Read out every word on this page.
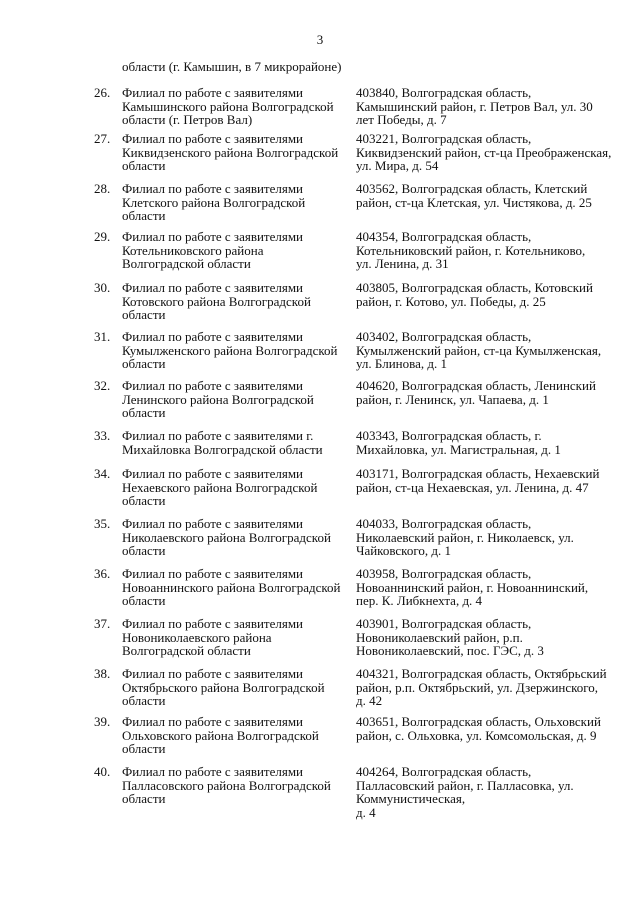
3
области (г. Камышин, в 7 микрорайоне)
26. Филиал по работе с заявителями
Камышинского района Волгоградской
области (г. Петров Вал)
403840, Волгоградская область,
Камышинский район, г. Петров Вал, ул. 30
лет Победы, д. 7
27. Филиал по работе с заявителями
Киквидзенского района Волгоградской
области
403221, Волгоградская область,
Киквидзенский район, ст-ца Преображенская,
ул. Мира, д. 54
28. Филиал по работе с заявителями
Клетского района Волгоградской
области
403562, Волгоградская область, Клетский
район, ст-ца Клетская, ул. Чистякова, д. 25
29. Филиал по работе с заявителями
Котельниковского района
Волгоградской области
404354, Волгоградская область,
Котельниковский район, г. Котельниково,
ул. Ленина, д. 31
30. Филиал по работе с заявителями
Котовского района Волгоградской
области
403805, Волгоградская область, Котовский
район, г. Котово, ул. Победы, д. 25
31. Филиал по работе с заявителями
Кумылженского района Волгоградской
области
403402, Волгоградская область,
Кумылженский район, ст-ца Кумылженская,
ул. Блинова, д. 1
32. Филиал по работе с заявителями
Ленинского района Волгоградской
области
404620, Волгоградская область, Ленинский
район, г. Ленинск, ул. Чапаева, д. 1
33. Филиал по работе с заявителями г.
Михайловка Волгоградской области
403343, Волгоградская область, г.
Михайловка, ул. Магистральная, д. 1
34. Филиал по работе с заявителями
Нехаевского района Волгоградской
области
403171, Волгоградская область, Нехаевский
район, ст-ца Нехаевская, ул. Ленина, д. 47
35. Филиал по работе с заявителями
Николаевского района Волгоградской
области
404033, Волгоградская область,
Николаевский район, г. Николаевск, ул.
Чайковского, д. 1
36. Филиал по работе с заявителями
Новоаннинского района Волгоградской
области
403958, Волгоградская область,
Новоаннинский район, г. Новоаннинский,
пер. К. Либкнехта, д. 4
37. Филиал по работе с заявителями
Новониколаевского района
Волгоградской области
403901, Волгоградская область,
Новониколаевский район, р.п.
Новониколаевский, пос. ГЭС, д. 3
38. Филиал по работе с заявителями
Октябрьского района Волгоградской
области
404321, Волгоградская область, Октябрьский
район, р.п. Октябрьский, ул. Дзержинского,
д. 42
39. Филиал по работе с заявителями
Ольховского района Волгоградской
области
403651, Волгоградская область, Ольховский
район, с. Ольховка, ул. Комсомольская, д. 9
40. Филиал по работе с заявителями
Палласовского района Волгоградской
области
404264, Волгоградская область,
Палласовский район, г. Палласовка, ул.
Коммунистическая,
д. 4
